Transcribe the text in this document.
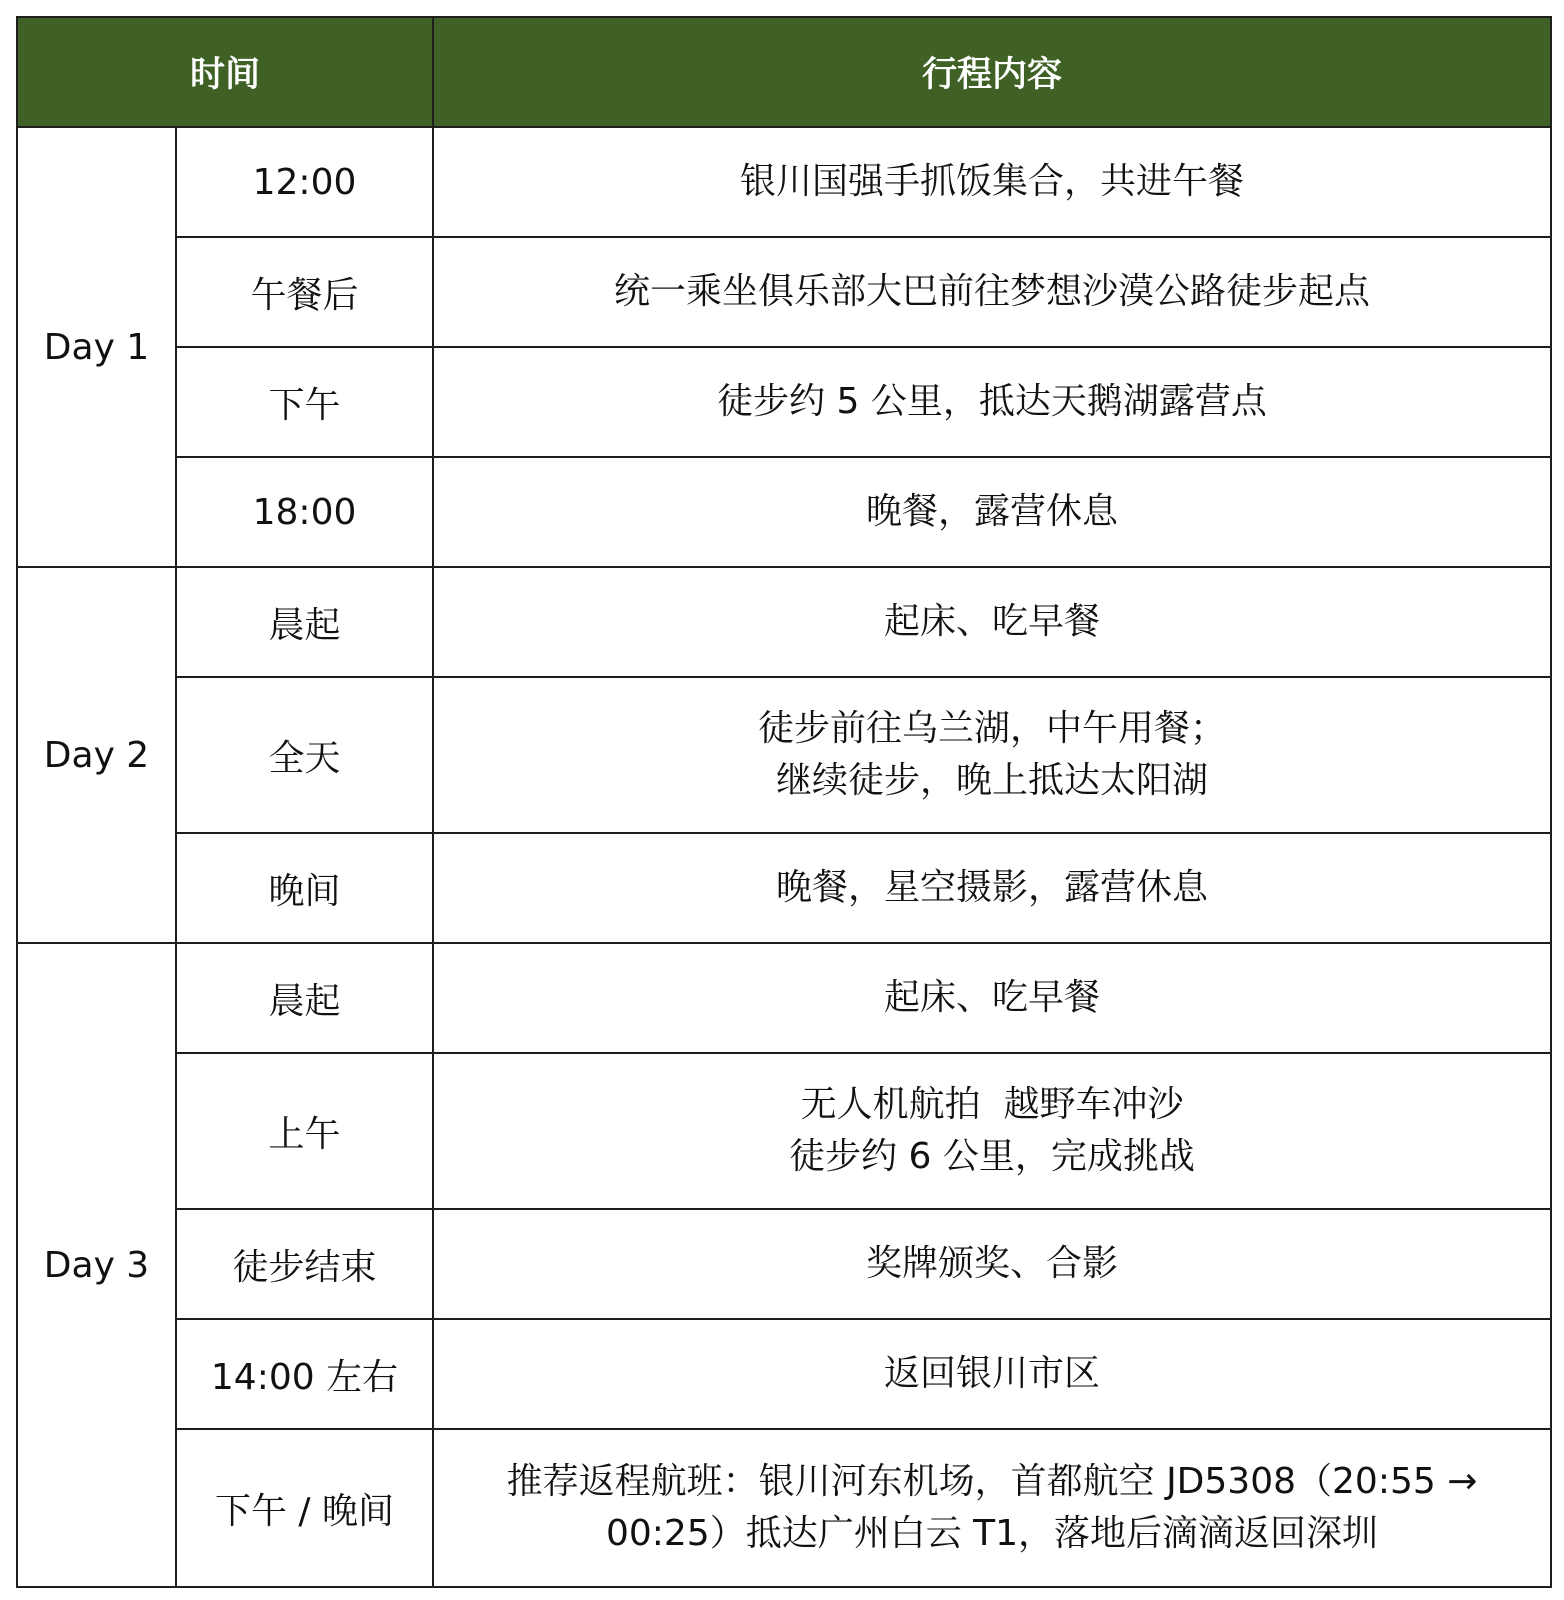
时间		行程内容
Day 1	12:00	银川国强手抓饭集合，共进午餐

	午餐后	统一乘坐俱乐部大巴前往梦想沙漠公路徒步起点

	下午	徒步约 5 公里，抵达天鹅湖露营点

	18:00	晚餐，露营休息

Day 2	晨起	起床、吃早餐

	全天	徒步前往乌兰湖，中午用餐；
继续徒步，晚上抵达太阳湖

	晚间	晚餐，星空摄影，露营休息

Day 3	晨起	起床、吃早餐

	上午	无人机航拍  越野车冲沙
徒步约 6 公里，完成挑战

	徒步结束	奖牌颁奖、合影

	14:00 左右	返回银川市区

	下午 / 晚间	推荐返程航班：银川河东机场，首都航空 JD5308（20:55 →
00:25）抵达广州白云 T1，落地后滴滴返回深圳
